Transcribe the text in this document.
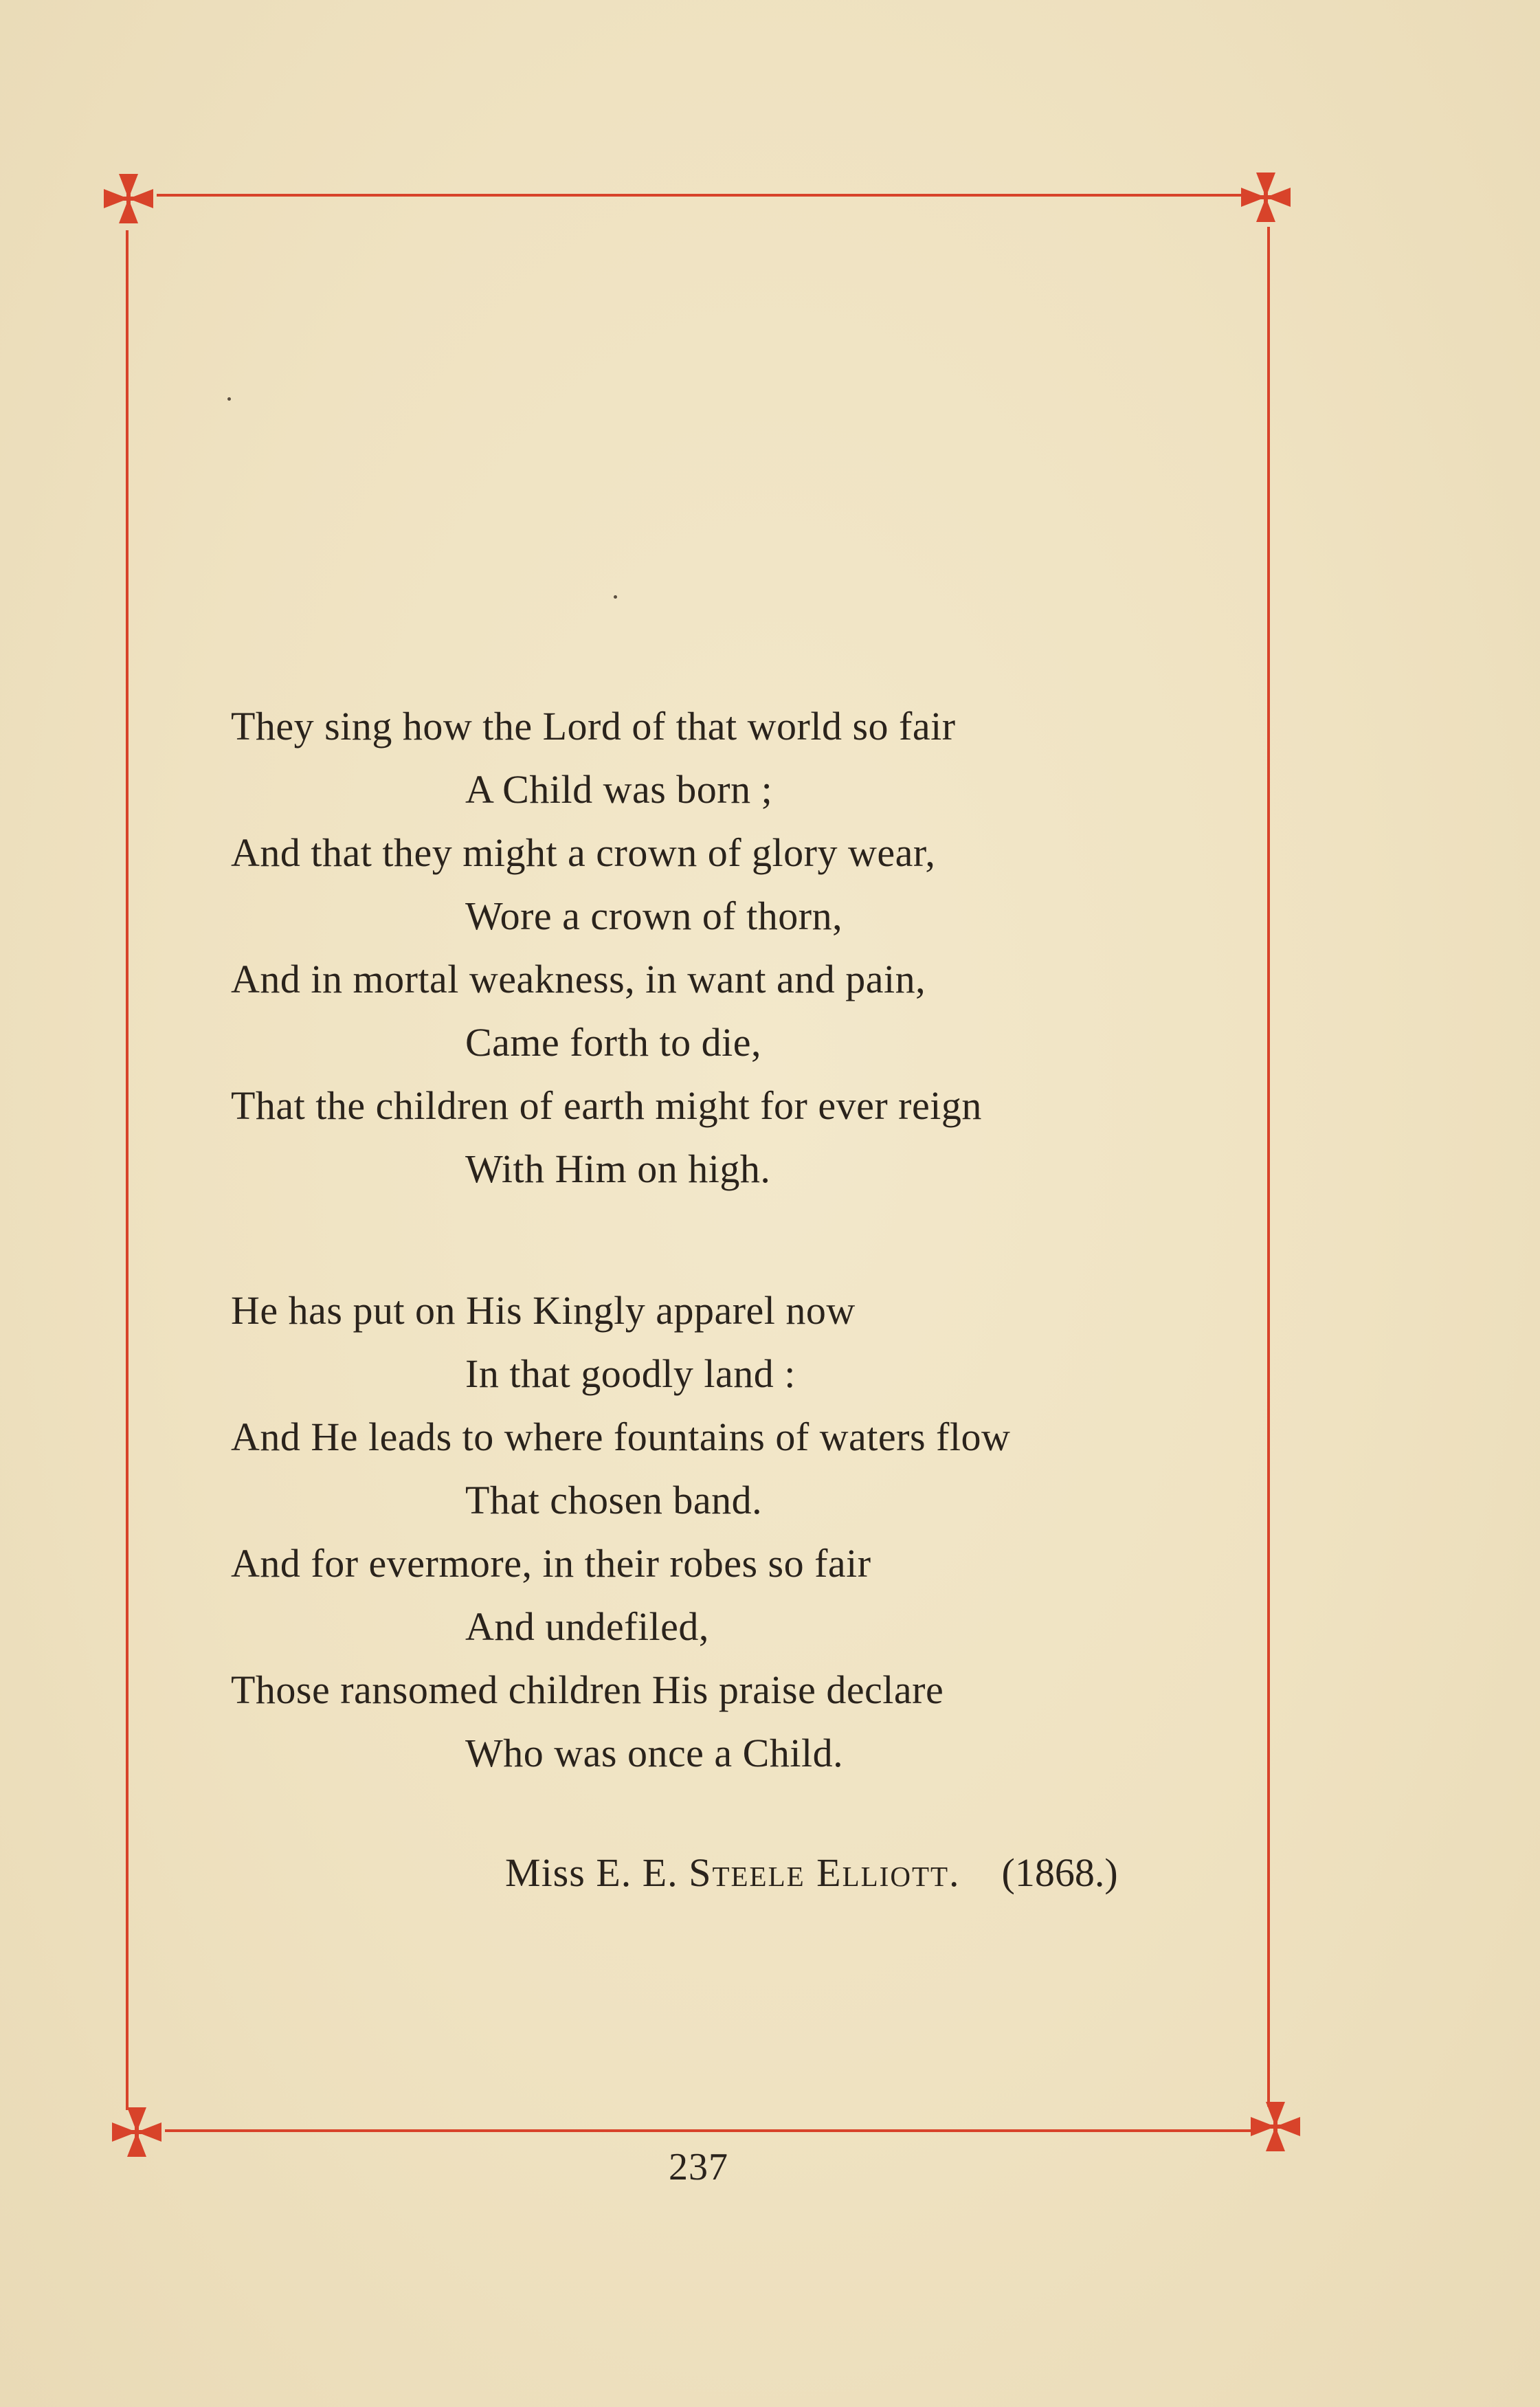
They sing how the Lord of that world so fair
A Child was born ;
And that they might a crown of glory wear,
Wore a crown of thorn,
And in mortal weakness, in want and pain,
Came forth to die,
That the children of earth might for ever reign
With Him on high.
He has put on His Kingly apparel now
In that goodly land :
And He leads to where fountains of waters flow
That chosen band.
And for evermore, in their robes so fair
And undefiled,
Those ransomed children His praise declare
Who was once a Child.
Miss E. E. Steele Elliott. (1868.)
237
